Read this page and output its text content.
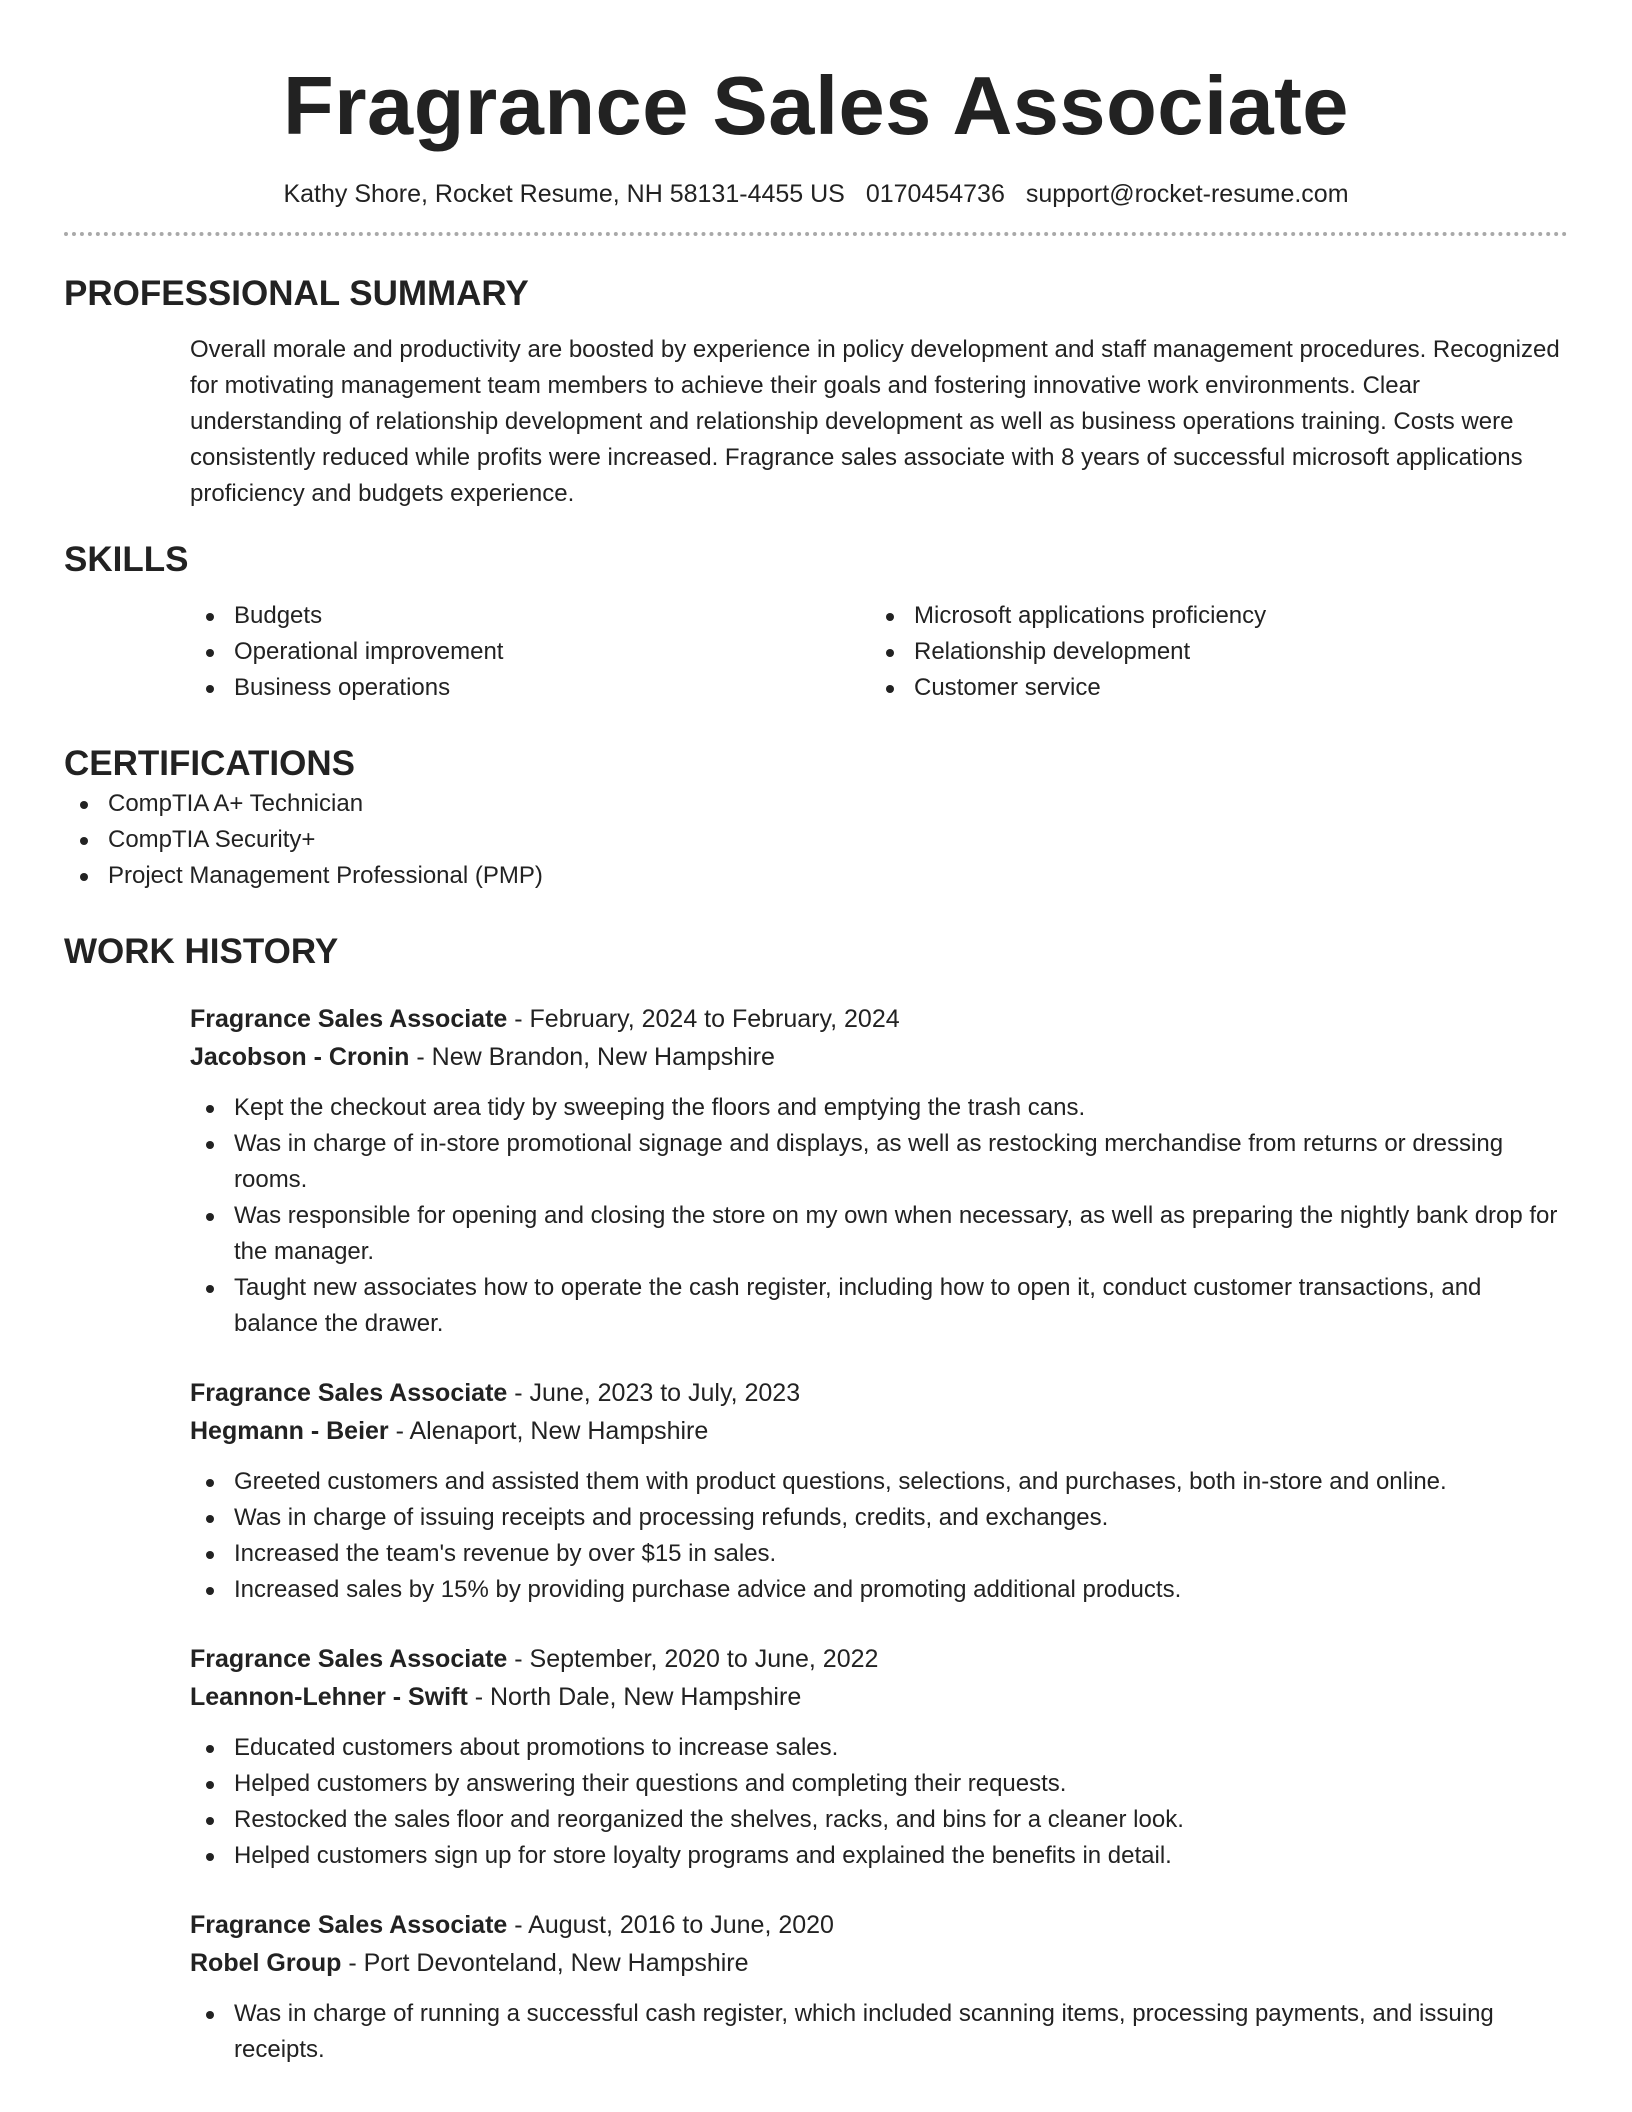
Fragrance Sales Associate
Kathy Shore, Rocket Resume, NH 58131-4455 US 0170454736 support@rocket-resume.com
PROFESSIONAL SUMMARY

Overall morale and productivity are boosted by experience in policy development and staff management procedures. Recognized for motivating management team members to achieve their goals and fostering innovative work environments. Clear understanding of relationship development and relationship development as well as business operations training. Costs were consistently reduced while profits were increased. Fragrance sales associate with 8 years of successful microsoft applications proficiency and budgets experience.

SKILLS
Budgets
Operational improvement
Business operations
Microsoft applications proficiency
Relationship development
Customer service
CERTIFICATIONS
CompTIA A+ Technician
CompTIA Security+
Project Management Professional (PMP)
WORK HISTORY
Fragrance Sales Associate - February, 2024 to February, 2024
Jacobson - Cronin - New Brandon, New Hampshire
Kept the checkout area tidy by sweeping the floors and emptying the trash cans.
Was in charge of in-store promotional signage and displays, as well as restocking merchandise from returns or dressing rooms.
Was responsible for opening and closing the store on my own when necessary, as well as preparing the nightly bank drop for the manager.
Taught new associates how to operate the cash register, including how to open it, conduct customer transactions, and balance the drawer.
Fragrance Sales Associate - June, 2023 to July, 2023
Hegmann - Beier - Alenaport, New Hampshire
Greeted customers and assisted them with product questions, selections, and purchases, both in-store and online.
Was in charge of issuing receipts and processing refunds, credits, and exchanges.
Increased the team's revenue by over $15 in sales.
Increased sales by 15% by providing purchase advice and promoting additional products.
Fragrance Sales Associate - September, 2020 to June, 2022
Leannon-Lehner - Swift - North Dale, New Hampshire
Educated customers about promotions to increase sales.
Helped customers by answering their questions and completing their requests.
Restocked the sales floor and reorganized the shelves, racks, and bins for a cleaner look.
Helped customers sign up for store loyalty programs and explained the benefits in detail.
Fragrance Sales Associate - August, 2016 to June, 2020
Robel Group - Port Devonteland, New Hampshire
Was in charge of running a successful cash register, which included scanning items, processing payments, and issuing receipts.
